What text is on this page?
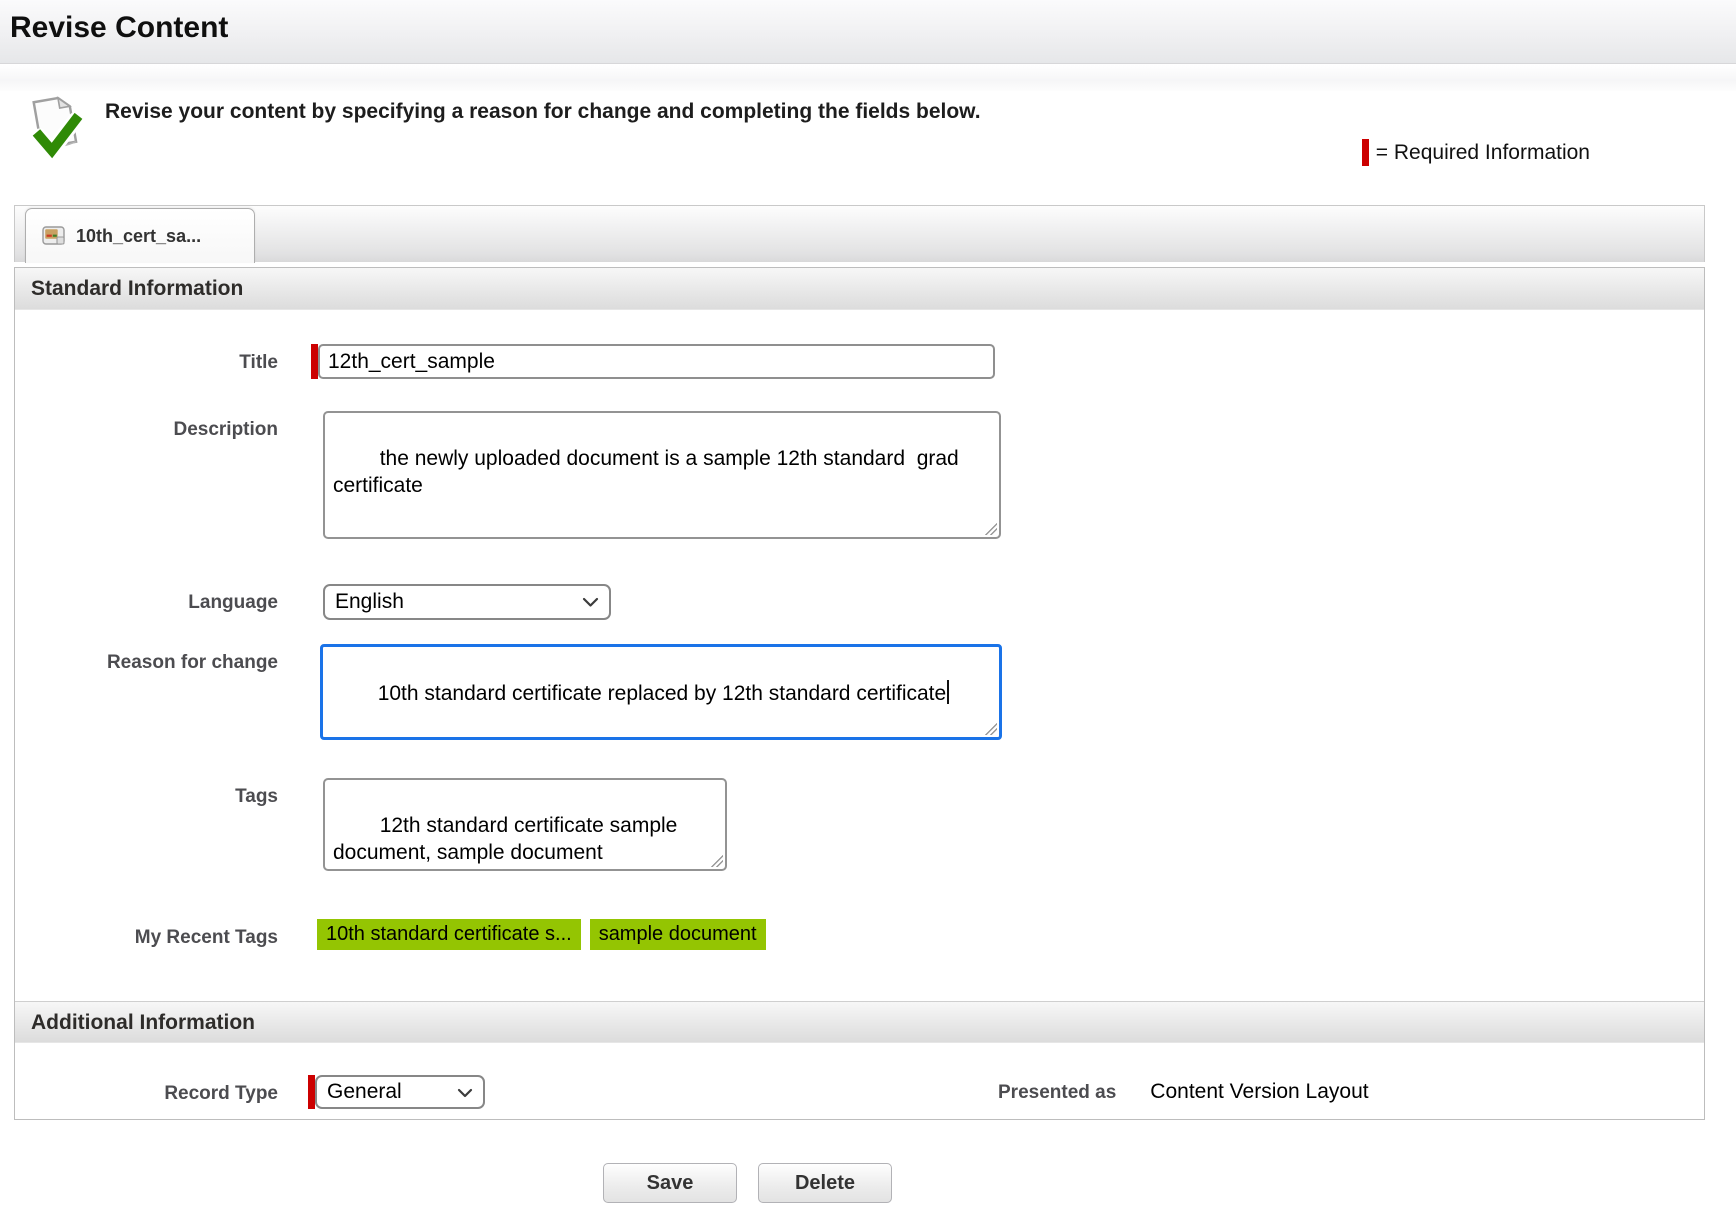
Revise Content
Revise your content by specifying a reason for change and completing the fields below.
= Required Information
10th_cert_sa...
Standard Information
Title
12th_cert_sample
Description

the newly uploaded document is a sample 12th standard  grad certificate

Language	English
Reason for change

10th standard certificate replaced by 12th standard certificate

Tags

12th standard certificate sample document, sample document

My Recent Tags	10th standard certificate s...	sample document
Additional Information
Record Type General	Presented as Content Version Layout
Save	Delete
